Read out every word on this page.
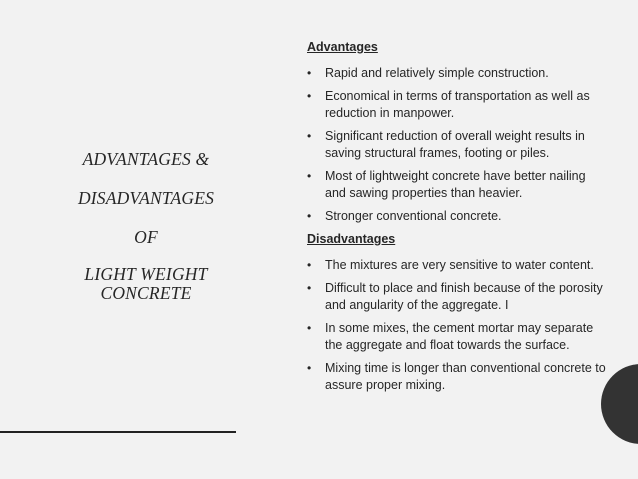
ADVANTAGES &
DISADVANTAGES
OF
LIGHT WEIGHT CONCRETE
Advantages
•	Rapid and relatively simple construction.
•	Economical in terms of transportation as well as reduction in manpower.
•	Significant reduction of overall weight results in saving structural frames, footing or piles.
•	Most of lightweight concrete have better nailing and sawing properties than heavier.
•	Stronger conventional concrete.
Disadvantages
•	The mixtures are very sensitive to water content.
•	Difficult to place and finish because of the porosity and angularity of the aggregate. I
•	In some mixes, the cement mortar may separate the aggregate and float towards the surface.
•	Mixing time is longer than conventional concrete to assure proper mixing.
